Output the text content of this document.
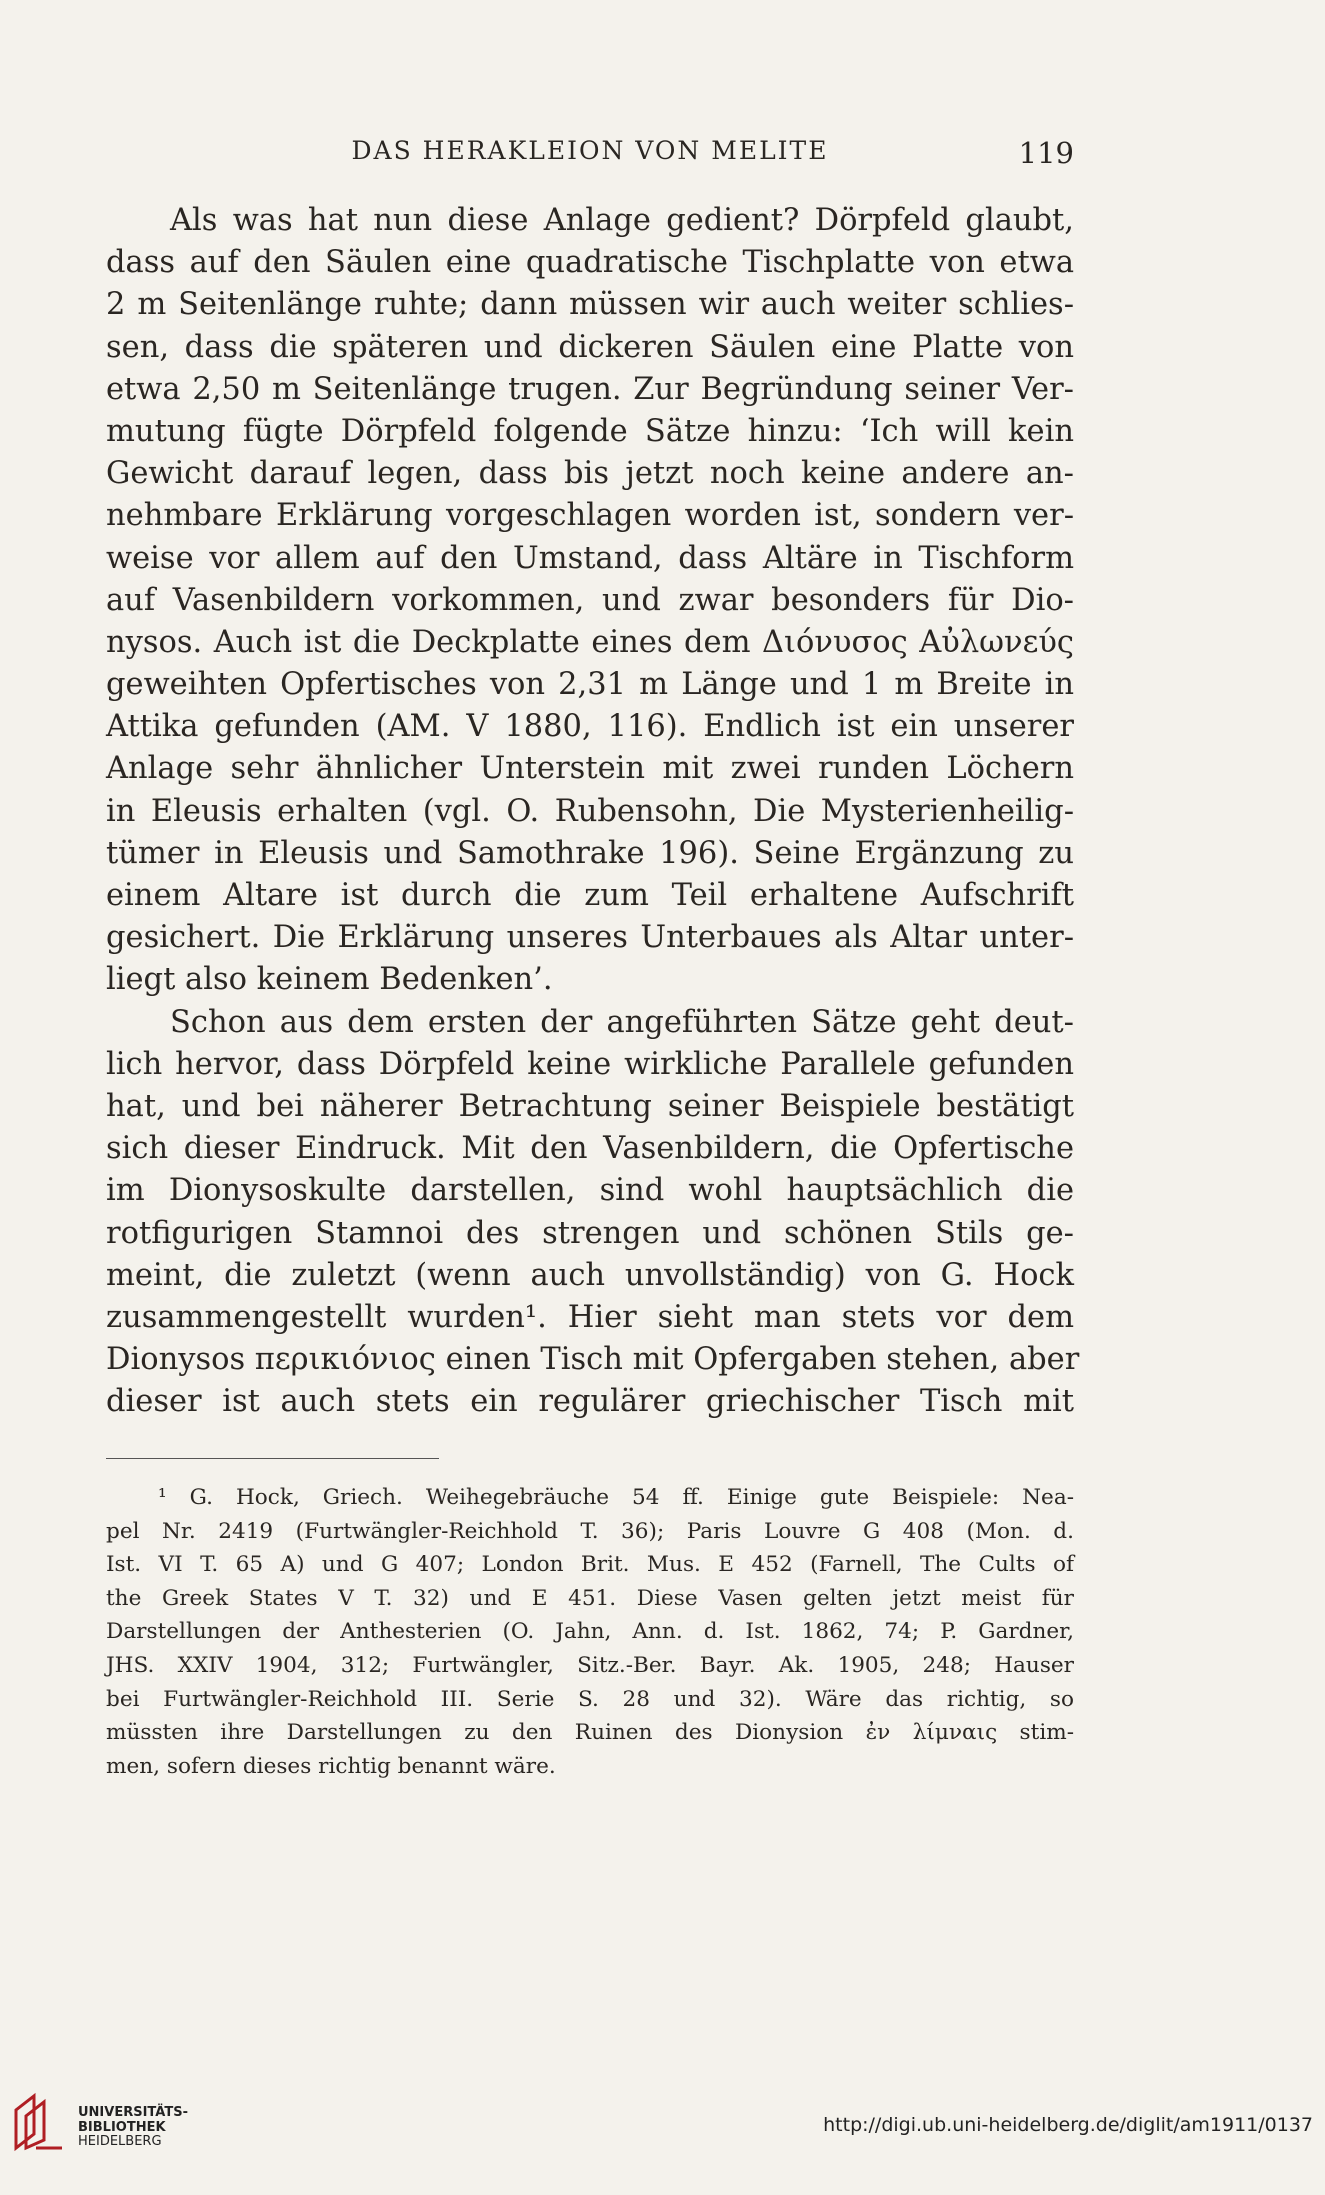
DAS HERAKLEION VON MELITE	119
Als was hat nun diese Anlage gedient? Dörpfeld glaubt,
dass auf den Säulen eine quadratische Tischplatte von etwa
2 m Seitenlänge ruhte; dann müssen wir auch weiter schlies-
sen, dass die späteren und dickeren Säulen eine Platte von
etwa 2,50 m Seitenlänge trugen. Zur Begründung seiner Ver-
mutung fügte Dörpfeld folgende Sätze hinzu: ‘Ich will kein
Gewicht darauf legen, dass bis jetzt noch keine andere an-
nehmbare Erklärung vorgeschlagen worden ist, sondern ver-
weise vor allem auf den Umstand, dass Altäre in Tischform
auf Vasenbildern vorkommen, und zwar besonders für Dio-
nysos. Auch ist die Deckplatte eines dem Διόνυσος Αὐλωνεύς
geweihten Opfertisches von 2,31 m Länge und 1 m Breite in
Attika gefunden (AM. V 1880, 116). Endlich ist ein unserer
Anlage sehr ähnlicher Unterstein mit zwei runden Löchern
in Eleusis erhalten (vgl. O. Rubensohn, Die Mysterienheilig-
tümer in Eleusis und Samothrake 196). Seine Ergänzung zu
einem Altare ist durch die zum Teil erhaltene Aufschrift
gesichert. Die Erklärung unseres Unterbaues als Altar unter-
liegt also keinem Bedenken’.
Schon aus dem ersten der angeführten Sätze geht deut-
lich hervor, dass Dörpfeld keine wirkliche Parallele gefunden
hat, und bei näherer Betrachtung seiner Beispiele bestätigt
sich dieser Eindruck. Mit den Vasenbildern, die Opfertische
im Dionysoskulte darstellen, sind wohl hauptsächlich die
rotfigurigen Stamnoi des strengen und schönen Stils ge-
meint, die zuletzt (wenn auch unvollständig) von G. Hock
zusammengestellt wurden¹. Hier sieht man stets vor dem
Dionysos περικιόνιος einen Tisch mit Opfergaben stehen, aber
dieser ist auch stets ein regulärer griechischer Tisch mit
¹ G. Hock, Griech. Weihegebräuche 54 ff. Einige gute Beispiele: Nea-
pel Nr. 2419 (Furtwängler-Reichhold T. 36); Paris Louvre G 408 (Mon. d.
Ist. VI T. 65 A) und G 407; London Brit. Mus. E 452 (Farnell, The Cults of
the Greek States V T. 32) und E 451. Diese Vasen gelten jetzt meist für
Darstellungen der Anthesterien (O. Jahn, Ann. d. Ist. 1862, 74; P. Gardner,
JHS. XXIV 1904, 312; Furtwängler, Sitz.-Ber. Bayr. Ak. 1905, 248; Hauser
bei Furtwängler-Reichhold III. Serie S. 28 und 32). Wäre das richtig, so
müssten ihre Darstellungen zu den Ruinen des Dionysion ἐν λίμναις stim-
men, sofern dieses richtig benannt wäre.
UNIVERSITÄTS-
BIBLIOTHEK
HEIDELBERG
http://digi.ub.uni-heidelberg.de/diglit/am1911/0137
